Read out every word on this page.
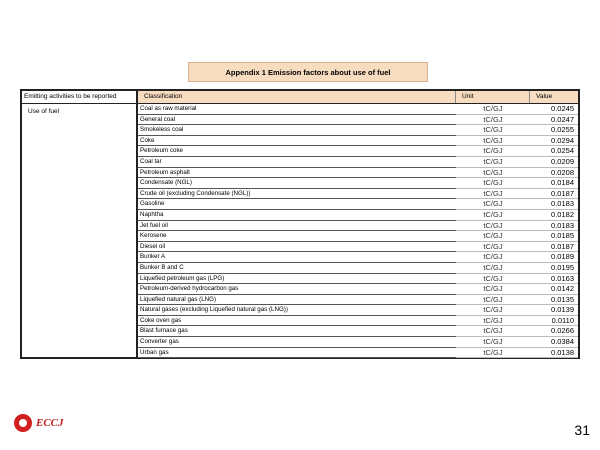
Appendix 1 Emission factors about use of fuel
Emitting activities to be reported
Use of fuel
Classification	Unit	Value
Coal as raw material	tC/GJ	0.0245
General coal	tC/GJ	0.0247
Smokeless coal	tC/GJ	0.0255
Coke	tC/GJ	0.0294
Petroleum coke	tC/GJ	0.0254
Coal tar	tC/GJ	0.0209
Petroleum asphalt	tC/GJ	0.0208
Condensate (NGL)	tC/GJ	0.0184
Crude oil (excluding Condensate (NGL))	tC/GJ	0.0187
Gasoline	tC/GJ	0.0183
Naphtha	tC/GJ	0.0182
Jet fuel oil	tC/GJ	0.0183
Kerosene	tC/GJ	0.0185
Diesel oil	tC/GJ	0.0187
Bunker A	tC/GJ	0.0189
Bunker B and C	tC/GJ	0.0195
Liquefied petroleum gas (LPG)	tC/GJ	0.0163
Petroleum-derived hydrocarbon gas	tC/GJ	0.0142
Liquefied natural gas (LNG)	tC/GJ	0.0135
Natural gases (excluding Liquefied natural gas (LNG))	tC/GJ	0.0139
Coke oven gas	tC/GJ	0.0110
Blast furnace gas	tC/GJ	0.0266
Converter gas	tC/GJ	0.0384
Urban gas	tC/GJ	0.0138
ECCJ	31
